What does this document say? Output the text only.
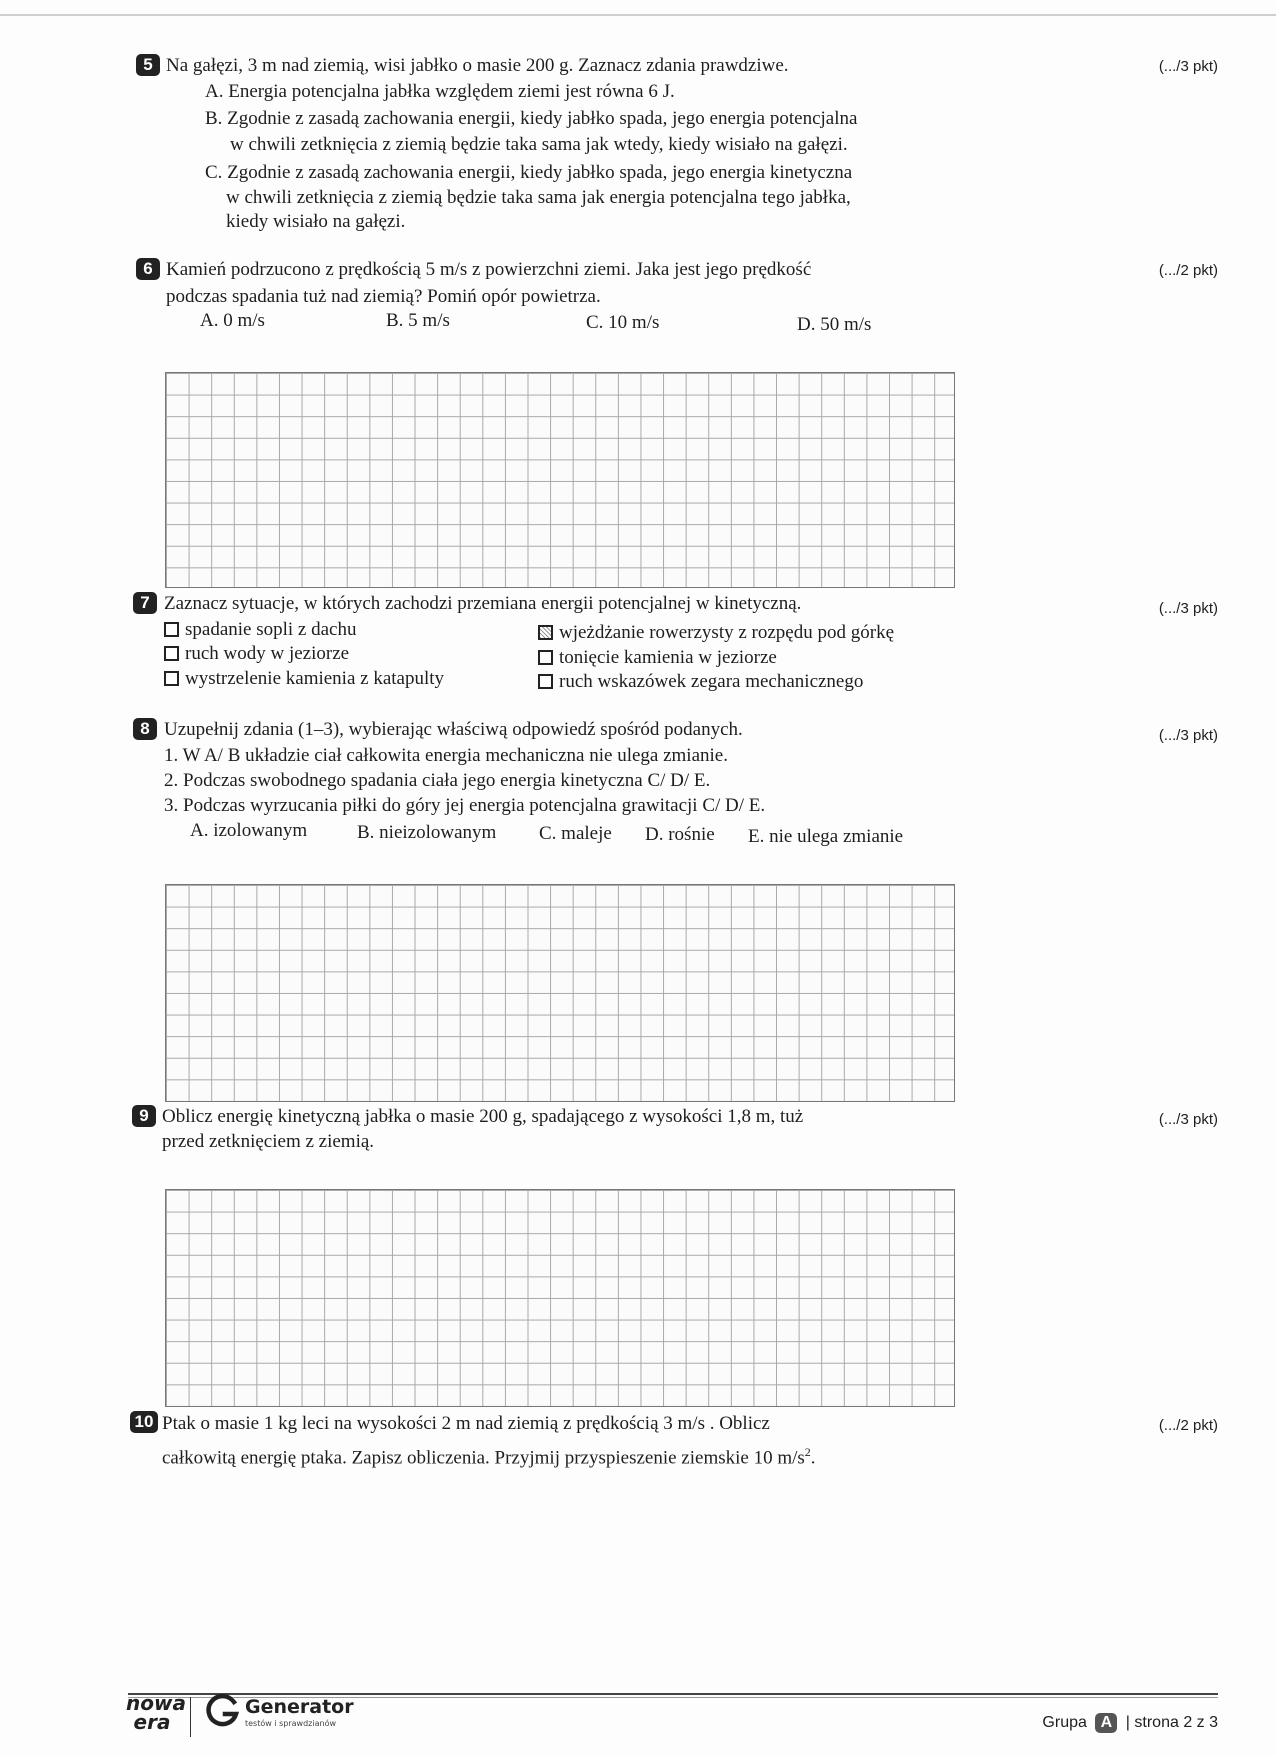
5 Na gałęzi, 3 m nad ziemią, wisi jabłko o masie 200 g. Zaznacz zdania prawdziwe.	(.../3 pkt)
A. Energia potencjalna jabłka względem ziemi jest równa 6 J.
B. Zgodnie z zasadą zachowania energii, kiedy jabłko spada, jego energia potencjalna
w chwili zetknięcia z ziemią będzie taka sama jak wtedy, kiedy wisiało na gałęzi.
C. Zgodnie z zasadą zachowania energii, kiedy jabłko spada, jego energia kinetyczna
w chwili zetknięcia z ziemią będzie taka sama jak energia potencjalna tego jabłka,
kiedy wisiało na gałęzi.
6 Kamień podrzucono z prędkością 5 m/s z powierzchni ziemi. Jaka jest jego prędkość	(.../2 pkt)
podczas spadania tuż nad ziemią? Pomiń opór powietrza.
A. 0 m/s	B. 5 m/s	C. 10 m/s	D. 50 m/s
7 Zaznacz sytuacje, w których zachodzi przemiana energii potencjalnej w kinetyczną.	(.../3 pkt)
spadanie sopli z dachu	wjeżdżanie rowerzysty z rozpędu pod górkę
ruch wody w jeziorze	tonięcie kamienia w jeziorze
wystrzelenie kamienia z katapulty	ruch wskazówek zegara mechanicznego
8 Uzupełnij zdania (1–3), wybierając właściwą odpowiedź spośród podanych.	(.../3 pkt)
1. W A/ B układzie ciał całkowita energia mechaniczna nie ulega zmianie.
2. Podczas swobodnego spadania ciała jego energia kinetyczna C/ D/ E.
3. Podczas wyrzucania piłki do góry jej energia potencjalna grawitacji C/ D/ E.
A. izolowanym	B. nieizolowanym C. maleje D. rośnie E. nie ulega zmianie
9 Oblicz energię kinetyczną jabłka o masie 200 g, spadającego z wysokości 1,8 m, tuż	(.../3 pkt)
przed zetknięciem z ziemią.
10 Ptak o masie 1 kg leci na wysokości 2 m nad ziemią z prędkością 3 m/s . Oblicz	(.../2 pkt)
całkowitą energię ptaka. Zapisz obliczenia. Przyjmij przyspieszenie ziemskie 10 $m/s^2$.
nowa
era
Generator
testów i sprawdzianów	Grupa A | strona 2 z 3
